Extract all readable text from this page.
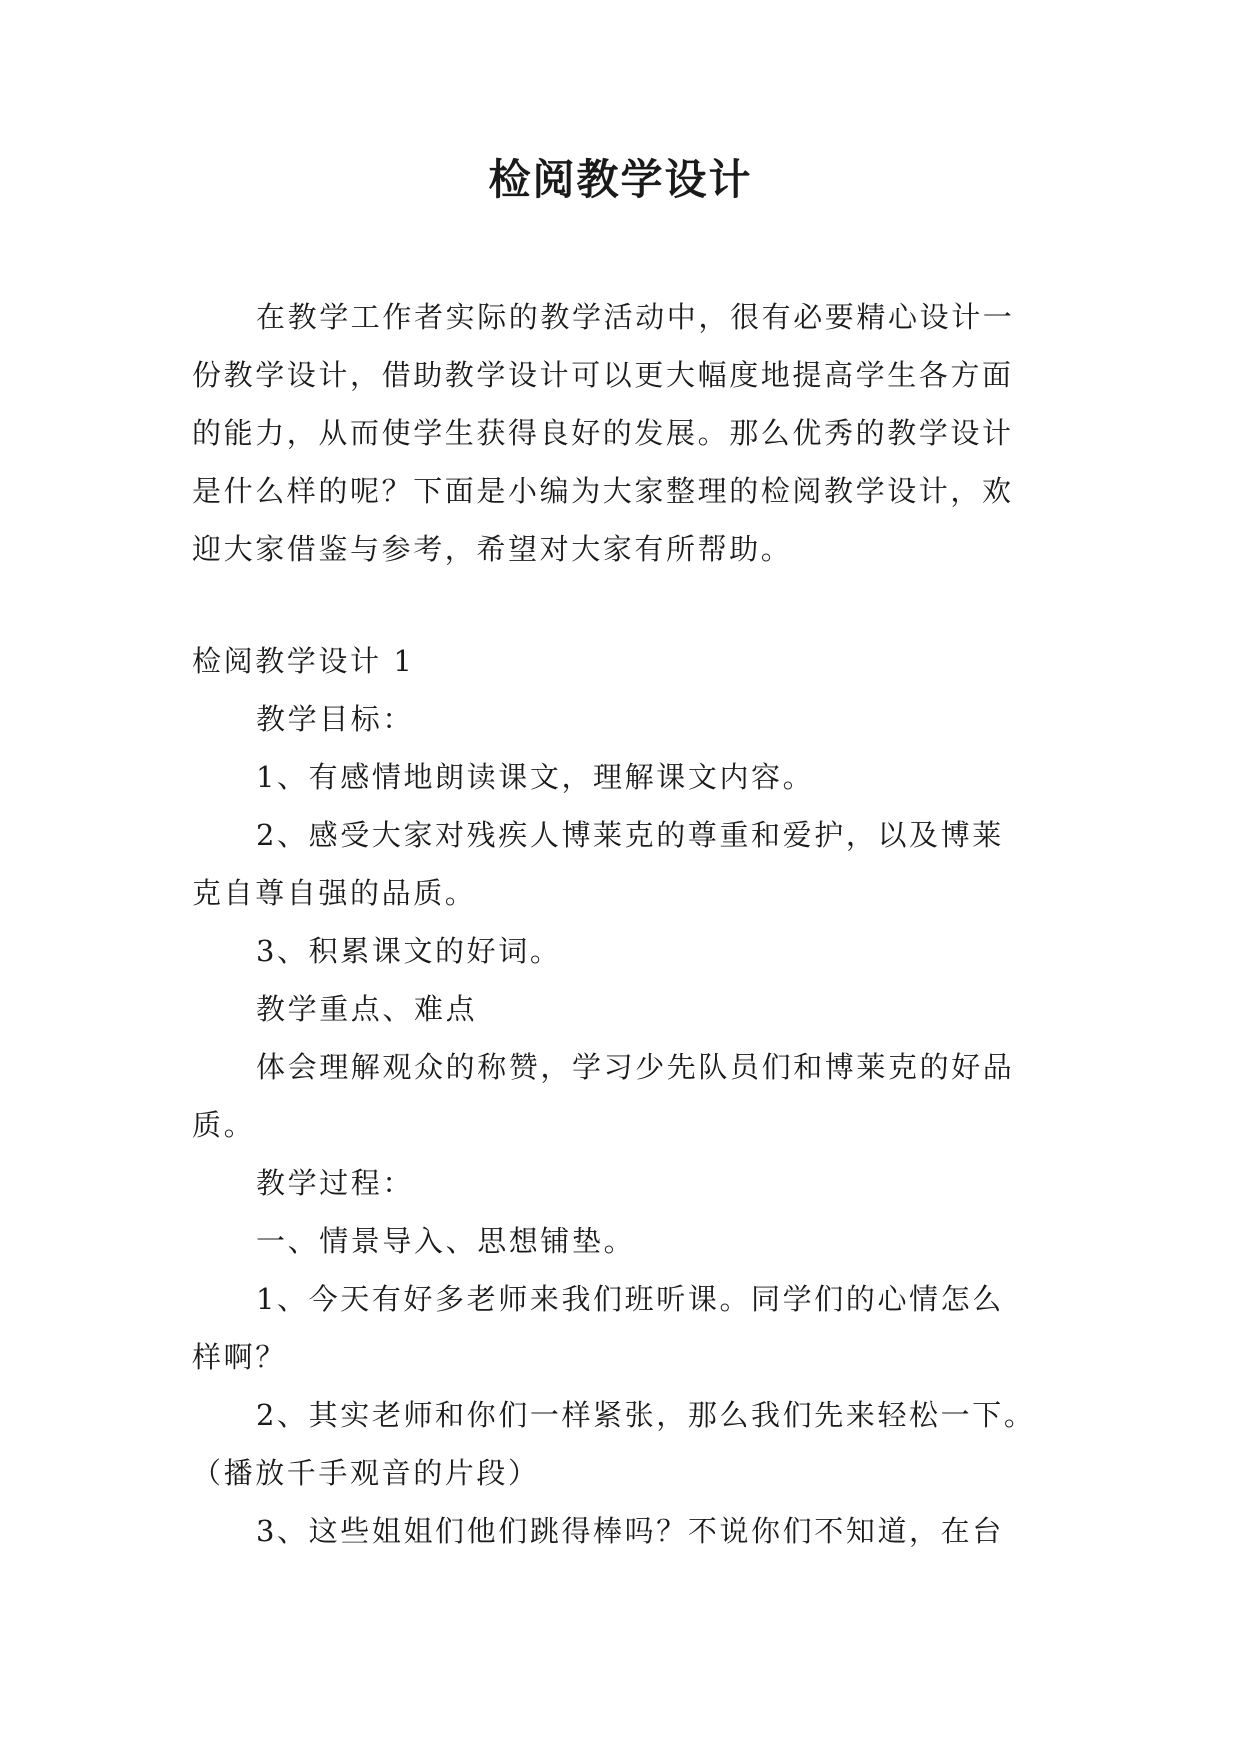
检阅教学设计
在教学工作者实际的教学活动中，很有必要精心设计一
份教学设计，借助教学设计可以更大幅度地提高学生各方面
的能力，从而使学生获得良好的发展。那么优秀的教学设计
是什么样的呢？下面是小编为大家整理的检阅教学设计，欢
迎大家借鉴与参考，希望对大家有所帮助。
检阅教学设计 1
教学目标：
1、有感情地朗读课文，理解课文内容。
2、感受大家对残疾人博莱克的尊重和爱护，以及博莱
克自尊自强的品质。
3、积累课文的好词。
教学重点、难点
体会理解观众的称赞，学习少先队员们和博莱克的好品
质。
教学过程：
一、情景导入、思想铺垫。
1、今天有好多老师来我们班听课。同学们的心情怎么
样啊？
2、其实老师和你们一样紧张，那么我们先来轻松一下。
（播放千手观音的片段）
3、这些姐姐们他们跳得棒吗？不说你们不知道，在台
